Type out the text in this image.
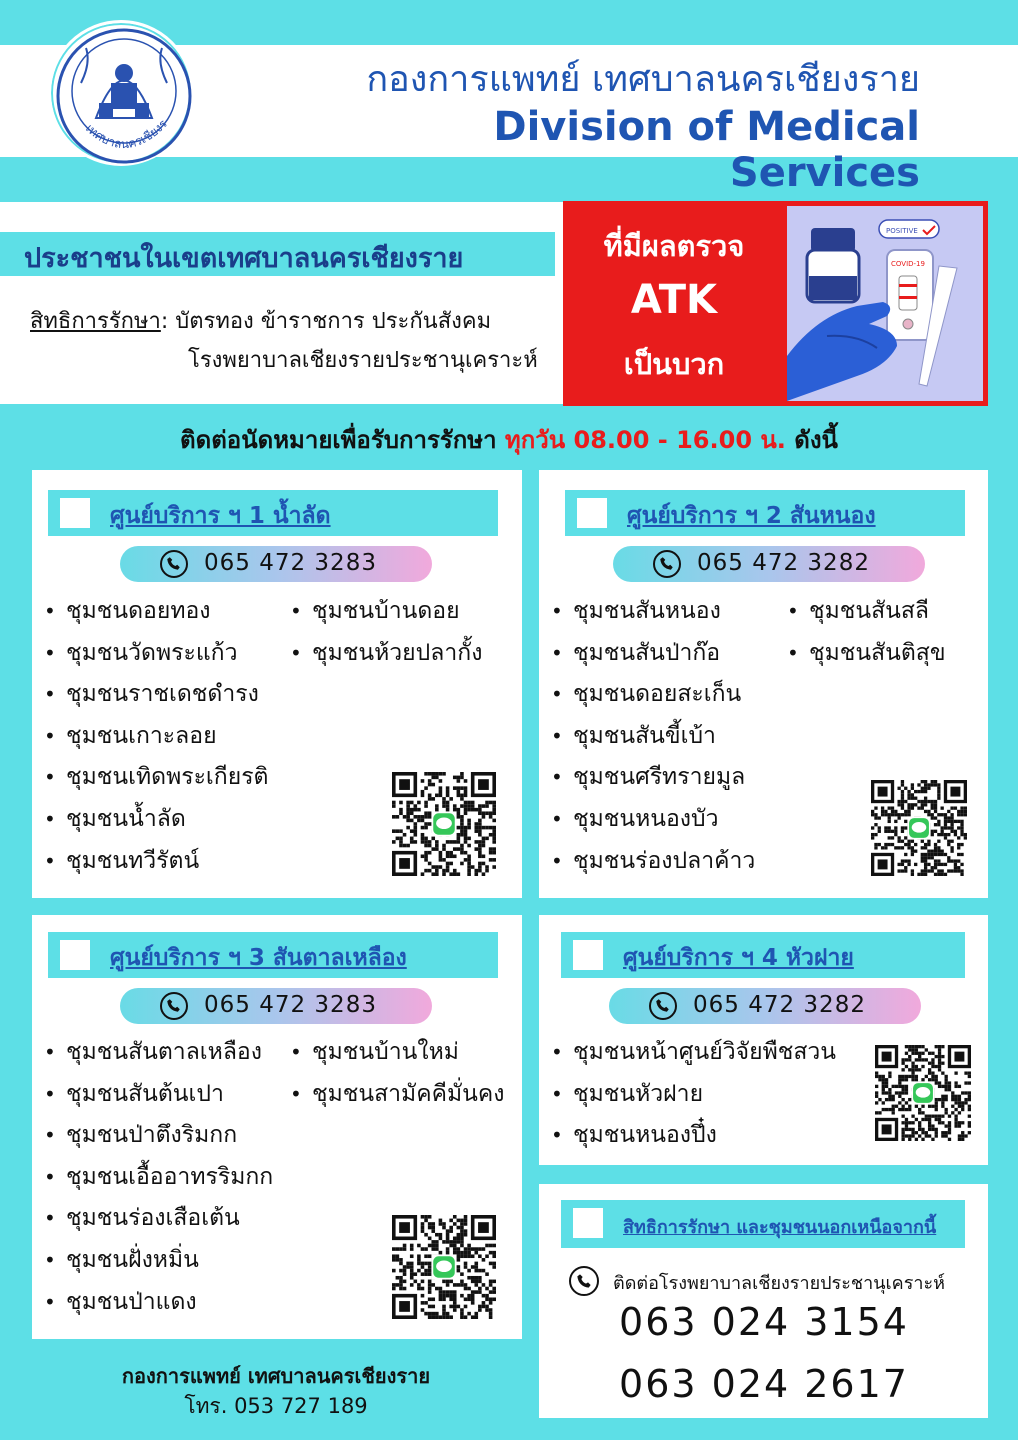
เทศบาลนครเชียงร
กองการแพทย์ เทศบาลนครเชียงราย
Division of Medical Services
ประชาชนในเขตเทศบาลนครเชียงราย
สิทธิการรักษา: บัตรทอง ข้าราชการ ประกันสังคม
โรงพยาบาลเชียงรายประชานุเคราะห์
ที่มีผลตรวจ
ATK
เป็นบวก
POSITIVE
COVID-19
ติดต่อนัดหมายเพื่อรับการรักษา ทุกวัน 08.00 - 16.00 น. ดังนี้
ศูนย์บริการ ฯ 1 น้ำลัด
065 472 3283
• ชุมชนดอยทอง
• ชุมชนวัดพระแก้ว
• ชุมชนราชเดชดำรง
• ชุมชนเกาะลอย
• ชุมชนเทิดพระเกียรติ
• ชุมชนน้ำลัด
• ชุมชนทวีรัตน์
• ชุมชนบ้านดอย
• ชุมชนห้วยปลากั้ง
ศูนย์บริการ ฯ 2 สันหนอง
065 472 3282
• ชุมชนสันหนอง
• ชุมชนสันป่าก๊อ
• ชุมชนดอยสะเก็น
• ชุมชนสันขี้เบ้า
• ชุมชนศรีทรายมูล
• ชุมชนหนองบัว
• ชุมชนร่องปลาค้าว
• ชุมชนสันสลี
• ชุมชนสันติสุข
ศูนย์บริการ ฯ 3 สันตาลเหลือง
065 472 3283
• ชุมชนสันตาลเหลือง
• ชุมชนสันต้นเปา
• ชุมชนป่าตึงริมกก
• ชุมชนเอื้ออาทรริมกก
• ชุมชนร่องเสือเต้น
• ชุมชนฝั่งหมิ่น
• ชุมชนป่าแดง
• ชุมชนบ้านใหม่
• ชุมชนสามัคคีมั่นคง
ศูนย์บริการ ฯ 4 หัวฝาย
065 472 3282
• ชุมชนหน้าศูนย์วิจัยพืชสวน
• ชุมชนหัวฝาย
• ชุมชนหนองปึ๋ง
สิทธิการรักษา และชุมชนนอกเหนือจากนี้
ติดต่อโรงพยาบาลเชียงรายประชานุเคราะห์
063 024 3154
063 024 2617
กองการแพทย์ เทศบาลนครเชียงราย
โทร. 053 727 189
